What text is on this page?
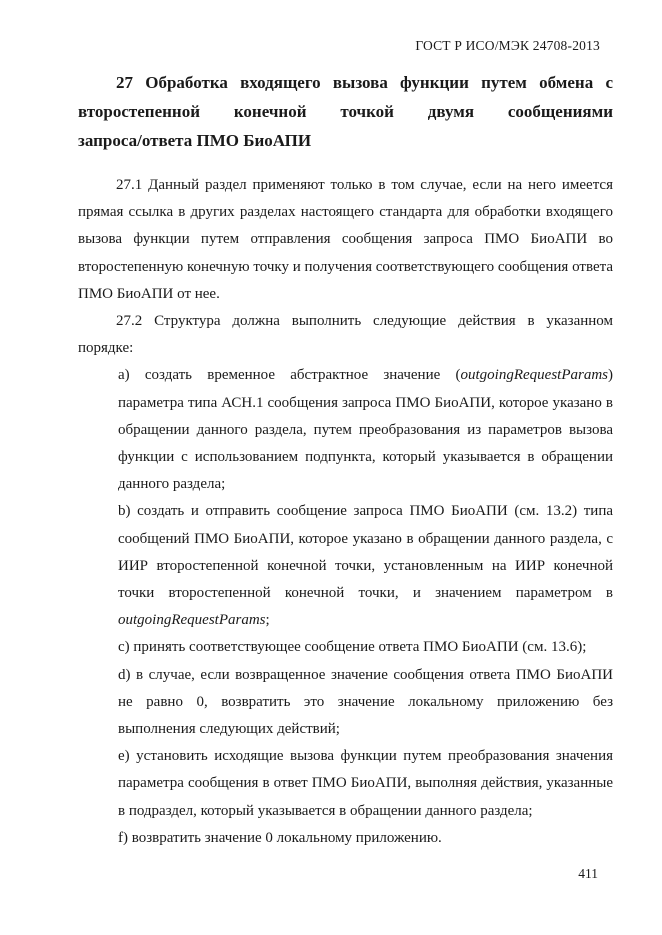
ГОСТ Р ИСО/МЭК 24708-2013
27 Обработка входящего вызова функции путем обмена с
второстепенной конечной точкой двумя сообщениями
запроса/ответа ПМО БиоАПИ

27.1 Данный раздел применяют только в том случае, если на него имеется прямая ссылка в других разделах настоящего стандарта для обработки входящего вызова функции путем отправления сообщения запроса ПМО БиоАПИ во второстепенную конечную точку и получения соответствующего сообщения ответа ПМО БиоАПИ от нее.

27.2 Структура должна выполнить следующие действия в указанном порядке:

a) создать временное абстрактное значение (outgoingRequestParams) параметра типа АСН.1 сообщения запроса ПМО БиоАПИ, которое указано в обращении данного раздела, путем преобразования из параметров вызова функции с использованием подпункта, который указывается в обращении данного раздела;

b) создать и отправить сообщение запроса ПМО БиоАПИ (см. 13.2) типа сообщений ПМО БиоАПИ, которое указано в обращении данного раздела, с ИИР второстепенной конечной точки, установленным на ИИР конечной точки второстепенной конечной точки, и значением параметром в outgoingRequestParams;

c) принять соответствующее сообщение ответа ПМО БиоАПИ (см. 13.6);

d) в случае, если возвращенное значение сообщения ответа ПМО БиоАПИ не равно 0, возвратить это значение локальному приложению без выполнения следующих действий;

e) установить исходящие вызова функции путем преобразования значения параметра сообщения в ответ ПМО БиоАПИ, выполняя действия, указанные в подраздел, который указывается в обращении данного раздела;

f) возвратить значение 0 локальному приложению.

411
